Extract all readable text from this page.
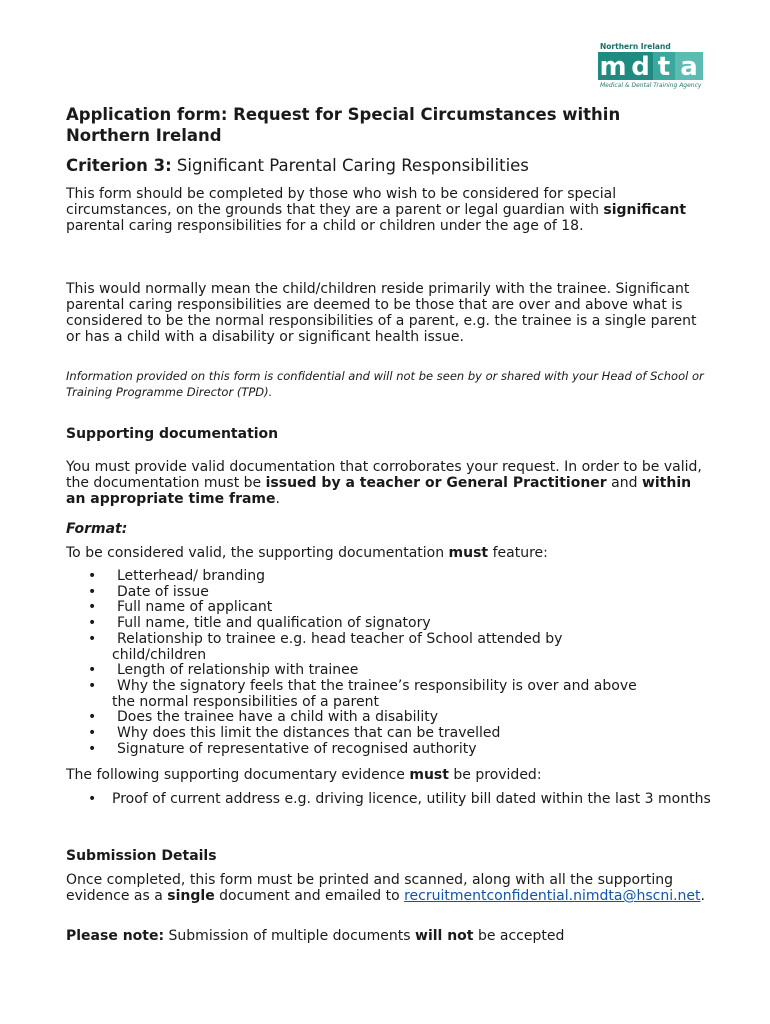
Northern Ireland
m d t a
Medical & Dental Training Agency
Application form: Request for Special Circumstances within Northern Ireland

Criterion 3: Significant Parental Caring Responsibilities

This form should be completed by those who wish to be considered for special circumstances, on the grounds that they are a parent or legal guardian with significant parental caring responsibilities for a child or children under the age of 18.

This would normally mean the child/children reside primarily with the trainee. Significant parental caring responsibilities are deemed to be those that are over and above what is considered to be the normal responsibilities of a parent, e.g. the trainee is a single parent or has a child with a disability or significant health issue.

Information provided on this form is confidential and will not be seen by or shared with your Head of School or Training Programme Director (TPD).

Supporting documentation

You must provide valid documentation that corroborates your request. In order to be valid, the documentation must be issued by a teacher or General Practitioner and within an appropriate time frame.

Format:

To be considered valid, the supporting documentation must feature:

• Letterhead/ branding
• Date of issue
• Full name of applicant
• Full name, title and qualification of signatory
• Relationship to trainee e.g. head teacher of School attended by
child/children
• Length of relationship with trainee
• Why the signatory feels that the trainee’s responsibility is over and above
the normal responsibilities of a parent
• Does the trainee have a child with a disability
• Why does this limit the distances that can be travelled
• Signature of representative of recognised authority

The following supporting documentary evidence must be provided:

• Proof of current address e.g. driving licence, utility bill dated within the last 3 months

Submission Details

Once completed, this form must be printed and scanned, along with all the supporting evidence as a single document and emailed to recruitmentconfidential.nimdta@hscni.net.

Please note: Submission of multiple documents will not be accepted
